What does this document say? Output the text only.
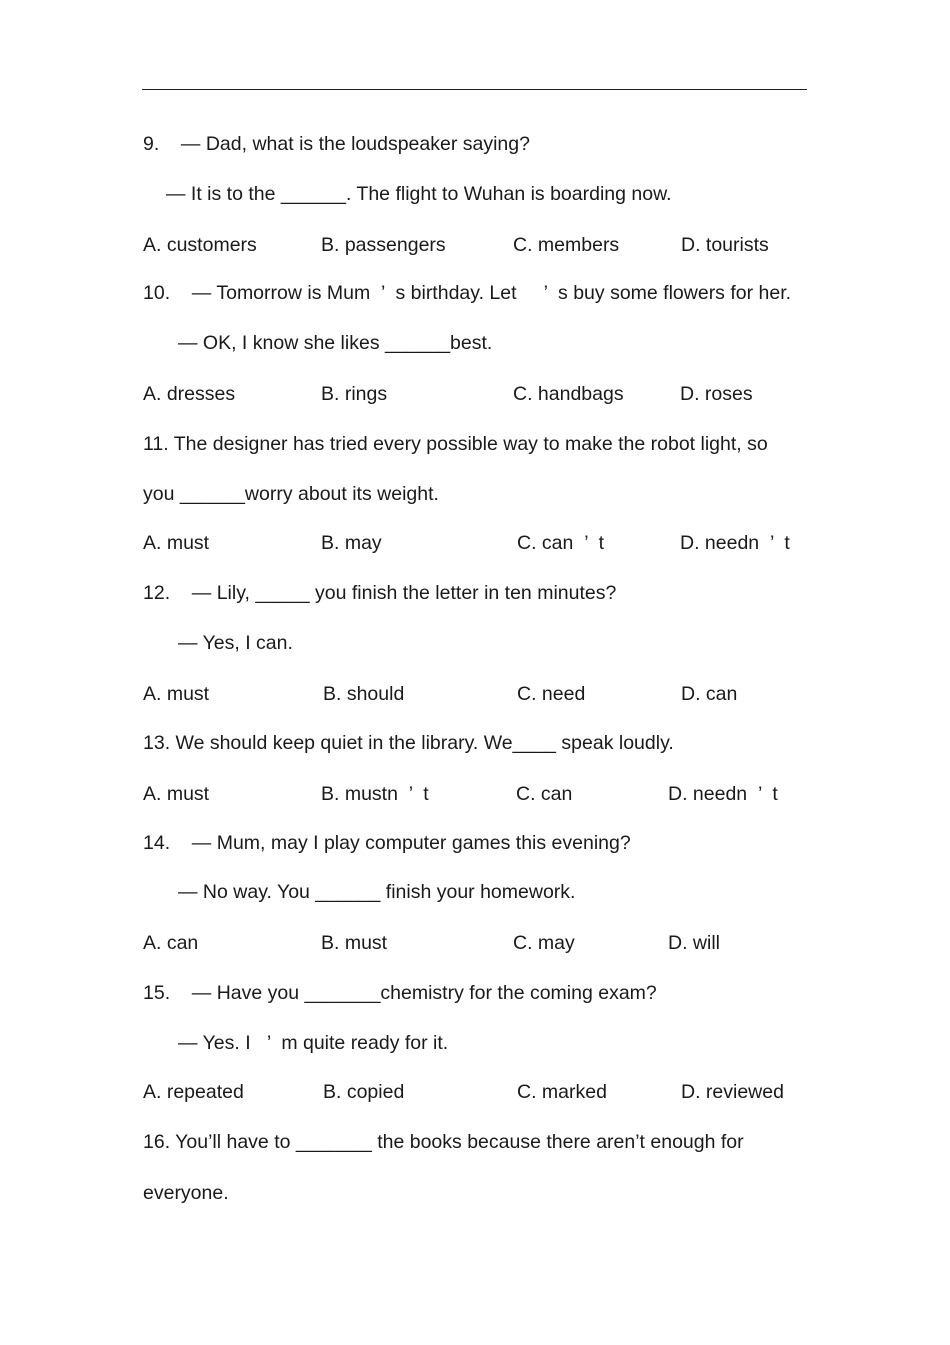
9.    — Dad, what is the loudspeaker saying?
— It is to the ______. The flight to Wuhan is boarding now.
A. customers	B. passengers	C. members	D. tourists
10.    — Tomorrow is Mum  ’  s birthday. Let     ’  s buy some flowers for her.
— OK, I know she likes ______best.
A. dresses	B. rings	C. handbags	D. roses
11. The designer has tried every possible way to make the robot light, so
you ______worry about its weight.
A. must	B. may	C. can  ’  t	D. needn  ’  t
12.    — Lily, _____ you finish the letter in ten minutes?
— Yes, I can.
A. must	B. should	C. need	D. can
13. We should keep quiet in the library. We____ speak loudly.
A. must	B. mustn  ’  t	C. can	D. needn  ’  t
14.    — Mum, may I play computer games this evening?
— No way. You ______ finish your homework.
A. can	B. must	C. may	D. will
15.    — Have you _______chemistry for the coming exam?
— Yes. I   ’  m quite ready for it.
A. repeated	B. copied	C. marked	D. reviewed
16. You’ll have to _______ the books because there aren’t enough for
everyone.
